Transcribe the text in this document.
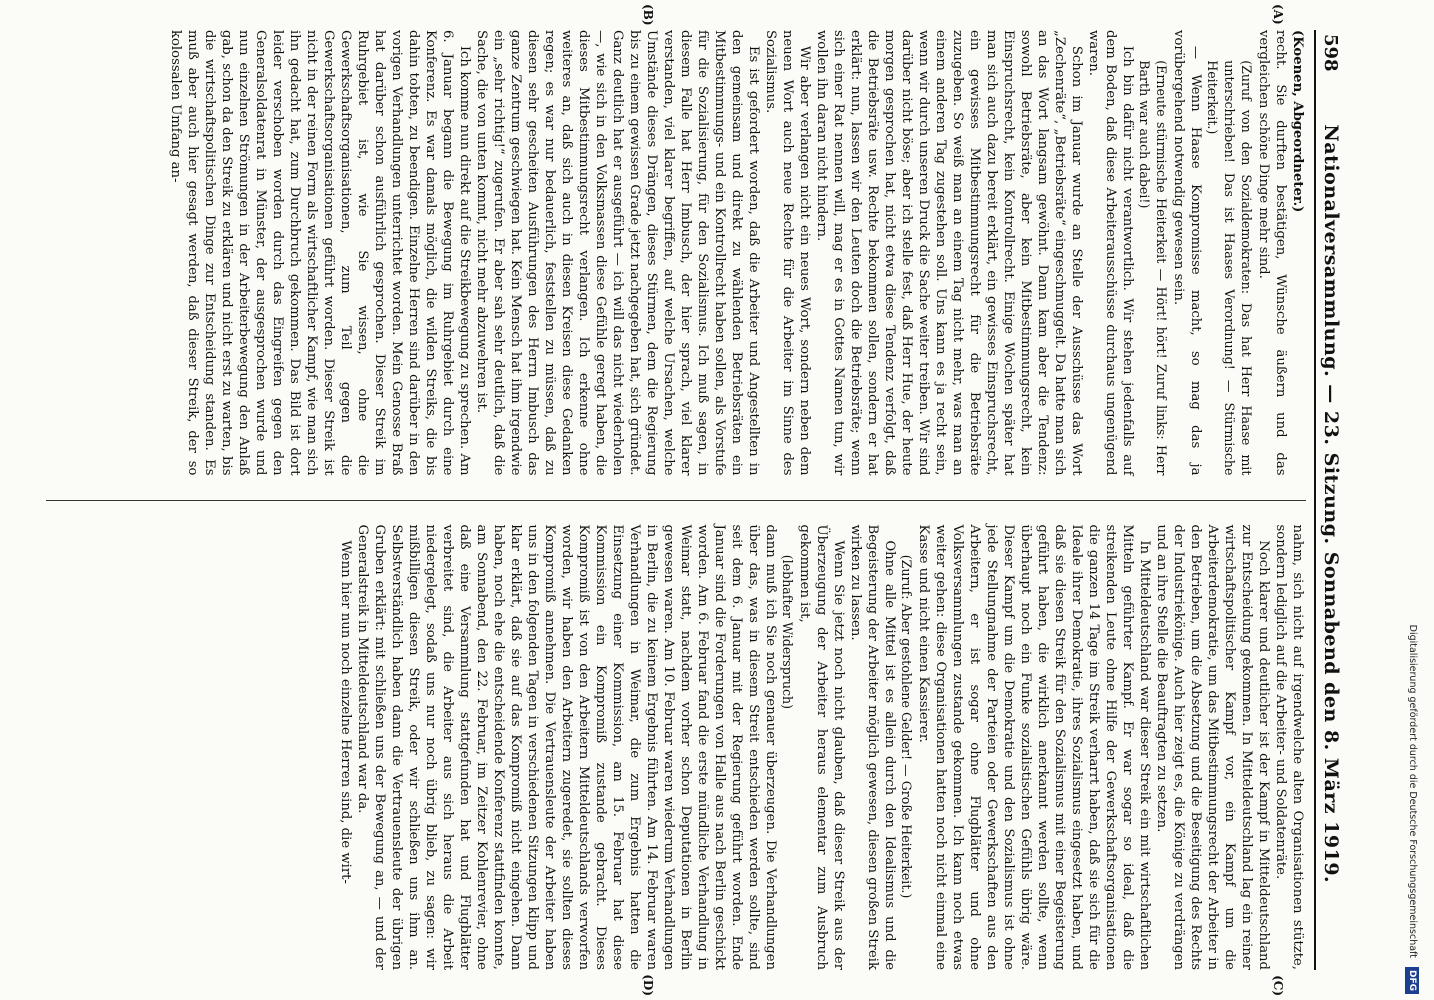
598
Nationalversammlung. — 23. Sitzung. Sonnabend den 8. März 1919.
(A)
(B)

(Koenen, Abgeordneter.)

recht. Sie durften bestätigen, Wünsche äußern und das vergleichen schöne Dinge mehr sind.

(Zuruf von den Sozialdemokraten: Das hat Herr Haase mit unterschrieben! Das ist Haases Verordnung! — Stürmische Heiterkeit.)

— Wenn Haase Kompromisse macht, so mag das ja vorübergehend notwendig gewesen sein.

(Erneute stürmische Heiterkeit — Hört! hört! Zuruf links: Herr Barth war auch dabei!)

Ich bin dafür nicht verantwortlich. Wir stehen jedenfalls auf dem Boden, daß diese Arbeiterausschüsse durchaus ungenügend waren.

Schon im Januar wurde an Stelle der Ausschüsse das Wort „Zechenräte“, „Betriebsräte“ eingeschmuggelt. Da hatte man sich an das Wort langsam gewöhnt. Dann kam aber die Tendenz: sowohl Betriebsräte, aber kein Mitbestimmungsrecht, kein Einspruchsrecht, kein Kontrollrecht. Einige Wochen später hat man sich auch dazu bereit erklärt, ein gewisses Einspruchsrecht, ein gewisses Mitbestimmungsrecht für die Betriebsräte zuzugeben. So weiß man an einem Tag nicht mehr, was man an einem anderen Tag zugestehen soll. Uns kann es ja recht sein, wenn wir durch unseren Druck die Sache weiter treiben. Wir sind darüber nicht böse; aber ich stelle fest, daß Herr Hue, der heute morgen gesprochen hat, nicht etwa diese Tendenz verfolgt, daß die Betriebsräte usw. Rechte bekommen sollen, sondern er hat erklärt: nun, lassen wir den Leuten doch die Betriebsräte; wenn sich einer Rat nennen will, mag er es in Gottes Namen tun, wir wollen ihn daran nicht hindern.

Wir aber verlangen nicht ein neues Wort, sondern neben dem neuen Wort auch neue Rechte für die Arbeiter im Sinne des Sozialismus.

Es ist gefordert worden, daß die Arbeiter und Angestellten in den gemeinsam und direkt zu wählenden Betriebsräten ein Mitbestimmungs- und ein Kontrollrecht haben sollen, als Vorstufe für die Sozialisierung, für den Sozialismus. Ich muß sagen, in diesem Falle hat Herr Imbusch, der hier sprach, viel klarer verstanden, viel klarer begriffen, auf welche Ursachen, welche Umstände dieses Drängen, dieses Stürmen, dem die Regierung bis zu einem gewissen Grade jetzt nachgegeben hat, sich gründet. Ganz deutlich hat er ausgeführt — ich will das nicht wiederholen —, wie sich in den Volksmassen diese Gefühle geregt haben, die dieses Mitbestimmungsrecht verlangen. Ich erkenne ohne weiteres an, daß sich auch in diesen Kreisen diese Gedanken regen; es war nur bedauerlich, feststellen zu müssen, daß zu diesen sehr gescheiten Ausführungen des Herrn Imbusch das ganze Zentrum geschwiegen hat. Kein Mensch hat ihm irgendwie ein „sehr richtig!“ zugerufen. Er aber sah sehr deutlich, daß die Sache, die von unten kommt, nicht mehr abzuwehren ist.

Ich komme nun direkt auf die Streikbewegung zu sprechen. Am 6. Januar begann die Bewegung im Ruhrgebiet durch eine Konferenz. Es war damals möglich, die wilden Streiks, die bis dahin tobten, zu beendigen. Einzelne Herren sind darüber in den vorigen Verhandlungen unterrichtet worden. Mein Genosse Braß hat darüber schon ausführlich gesprochen. Dieser Streik im Ruhrgebiet ist, wie Sie wissen, ohne die Gewerkschaftsorganisationen, zum Teil gegen die Gewerkschaftsorganisationen geführt worden. Dieser Streik ist nicht in der reinen Form als wirtschaftlicher Kampf, wie man sich ihn gedacht hat, zum Durchbruch gekommen. Das Bild ist dort leider verschoben worden durch das Eingreifen gegen den Generalsoldatenrat in Münster, der ausgesprochen wurde und nun einzelnen Strömungen in der Arbeiterbewegung den Anlaß gab, schon da den Streik zu erklären und nicht erst zu warten, bis die wirtschaftspolitischen Dinge zur Entscheidung standen. Es muß aber auch hier gesagt werden, daß dieser Streik, der so kolossalen Umfang an-

(C)
(D)

nahm, sich nicht auf irgendwelche alten Organisationen stützte, sondern lediglich auf die Arbeiter- und Soldatenräte.

Noch klarer und deutlicher ist der Kampf in Mitteldeutschland zur Entscheidung gekommen. In Mitteldeutschland lag ein reiner wirtschaftspolitischer Kampf vor, ein Kampf um die Arbeiterdemokratie, um das Mitbestimmungsrecht der Arbeiter in den Betrieben, um die Absetzung und die Beseitigung des Rechts der Industriekönige. Auch hier zeigt es, die Könige zu verdrängen und an ihre Stelle die Beauftragten zu setzen.

In Mitteldeutschland war dieser Streik ein mit wirtschaftlichen Mitteln geführter Kampf. Er war sogar so ideal, daß die streikenden Leute ohne Hilfe der Gewerkschaftsorganisationen die ganzen 14 Tage im Streik verharrt haben, daß sie sich für die Ideale ihrer Demokratie, ihres Sozialismus eingesetzt haben, und daß sie diesen Streik für den Sozialismus mit einer Begeisterung geführt haben, die wirklich anerkannt werden sollte, wenn überhaupt noch ein Funke sozialistischen Gefühls übrig wäre. Dieser Kampf um die Demokratie und den Sozialismus ist ohne jede Stellungnahme der Parteien oder Gewerkschaften aus den Arbeitern, er ist sogar ohne Flugblätter und ohne Volksversammlungen zustande gekommen. Ich kann noch etwas weiter gehen: diese Organisationen hatten noch nicht einmal eine Kasse und nicht einen Kassierer.

(Zuruf: Aber gestohlene Gelder! — Große Heiterkeit.)

Ohne alle Mittel ist es allein durch den Idealismus und die Begeisterung der Arbeiter möglich gewesen, diesen großen Streik wirken zu lassen.

Wenn Sie jetzt noch nicht glauben, daß dieser Streik aus der Überzeugung der Arbeiter heraus elementar zum Ausbruch gekommen ist,

(lebhafter Widerspruch)

dann muß ich Sie noch genauer überzeugen. Die Verhandlungen über das, was in diesem Streit entschieden werden sollte, sind seit dem 6. Januar mit der Regierung geführt worden. Ende Januar sind die Forderungen von Halle aus nach Berlin geschickt worden. Am 6. Februar fand die erste mündliche Verhandlung in Weimar statt, nachdem vorher schon Deputationen in Berlin gewesen waren. Am 10. Februar waren wiederum Verhandlungen in Berlin, die zu keinem Ergebnis führten. Am 14. Februar waren Verhandlungen in Weimar, die zum Ergebnis hatten die Einsetzung einer Kommission, am 15. Februar hat diese Kommission ein Kompromiß zustande gebracht. Dieses Kompromiß ist von den Arbeitern Mitteldeutschlands verworfen worden, wir haben den Arbeitern zugeredet, sie sollten dieses Kompromiß annehmen. Die Vertrauensleute der Arbeiter haben uns in den folgenden Tagen in verschiedenen Sitzungen klipp und klar erklärt, daß sie auf das Kompromiß nicht eingehen. Dann haben, noch ehe die entscheidende Konferenz stattfinden konnte, am Sonnabend, den 22. Februar, im Zeitzer Kohlenrevier, ohne daß eine Versammlung stattgefunden hat und Flugblätter verbreitet sind, die Arbeiter aus sich heraus die Arbeit niedergelegt, sodaß uns nur noch übrig blieb, zu sagen: wir mißbilligen diesen Streik, oder wir schließen uns ihm an. Selbstverständlich haben dann die Vertrauensleute der übrigen Gruben erklärt: mit schließen uns der Bewegung an, — und der Generalstreik in Mitteldeutschland war da.

Wenn hier nun noch einzelne Herren sind, die wirt-	Digitalisierung gefördert durch die Deutsche Forschungsgemeinschaft DFG
